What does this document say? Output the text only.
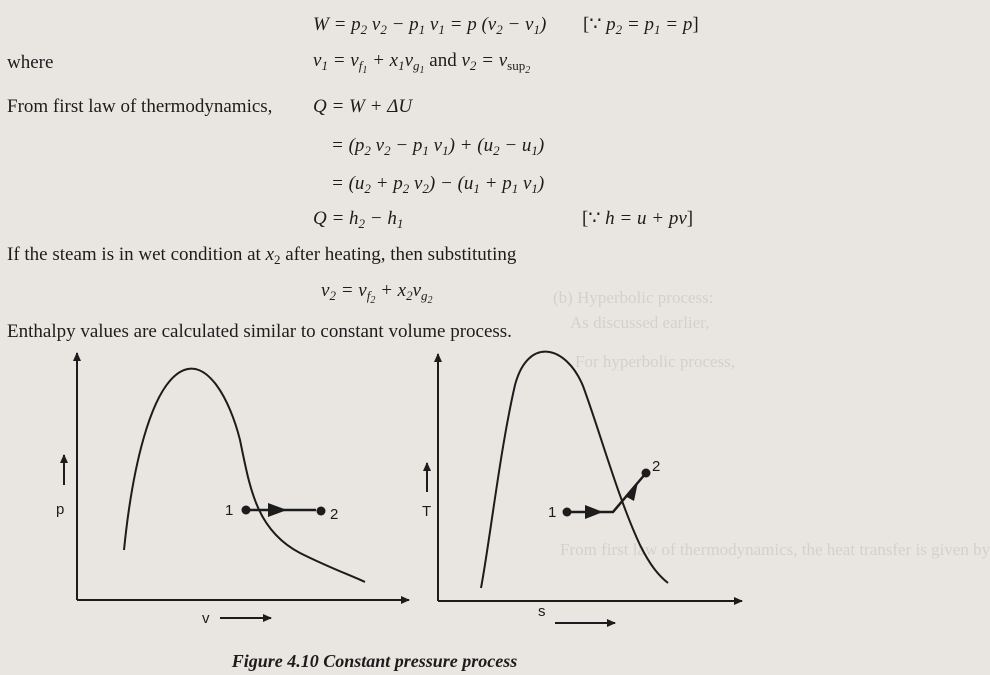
(b) Hyperbolic process:
As discussed earlier,
For hyperbolic process,
From first law of thermodynamics, the heat transfer is given by
$W = p_2$ $v_2 - p_1$ $v_1 = p$ $(v_2 - v_1)$ [∵ $p_2 = p_1 = p$]
where	$v_1 = v_{f_1} + x_1v_{g_1}$ and $v_2 = v_{sup_2}$
From first law of thermodynamics, Q = W + ΔU
= ($p_2$ $v_2 - p_1$ $v_1) + (u_2 - u_1)$
= ($u_2 + p_2$ $v_2) - (u_1 + p_1$ $v_1$)
$Q = h_2 - h_1$	[∵ h = u + pv]
If the steam is in wet condition at $x_2$ after heating, then substituting
$v_2 = v_{f_2} + x_2v_{g_2}$
Enthalpy values are calculated similar to constant volume process.
p
v
1	2	T
s
1
2
Figure 4.10 Constant pressure process
